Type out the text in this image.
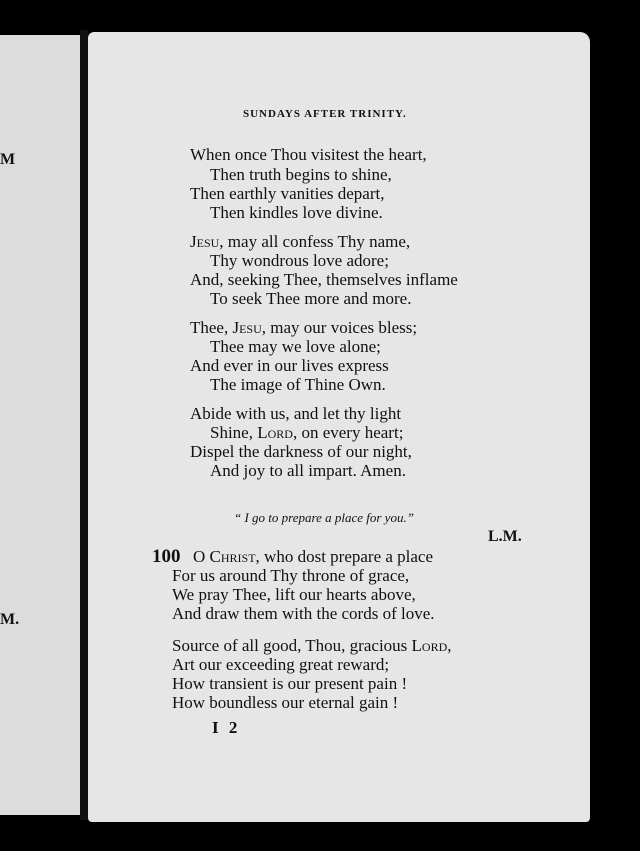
M
M.
SUNDAYS AFTER TRINITY.
When once Thou visitest the heart,
Then truth begins to shine,
Then earthly vanities depart,
Then kindles love divine.
Jesu, may all confess Thy name,
Thy wondrous love adore;
And, seeking Thee, themselves inflame
To seek Thee more and more.
Thee, Jesu, may our voices bless;
Thee may we love alone;
And ever in our lives express
The image of Thine Own.
Abide with us, and let thy light
Shine, Lord, on every heart;
Dispel the darkness of our night,
And joy to all impart. Amen.
“ I go to prepare a place for you.”
L.M.
100 O Christ, who dost prepare a place
For us around Thy throne of grace,
We pray Thee, lift our hearts above,
And draw them with the cords of love.
Source of all good, Thou, gracious Lord,
Art our exceeding great reward;
How transient is our present pain !
How boundless our eternal gain !
I 2
